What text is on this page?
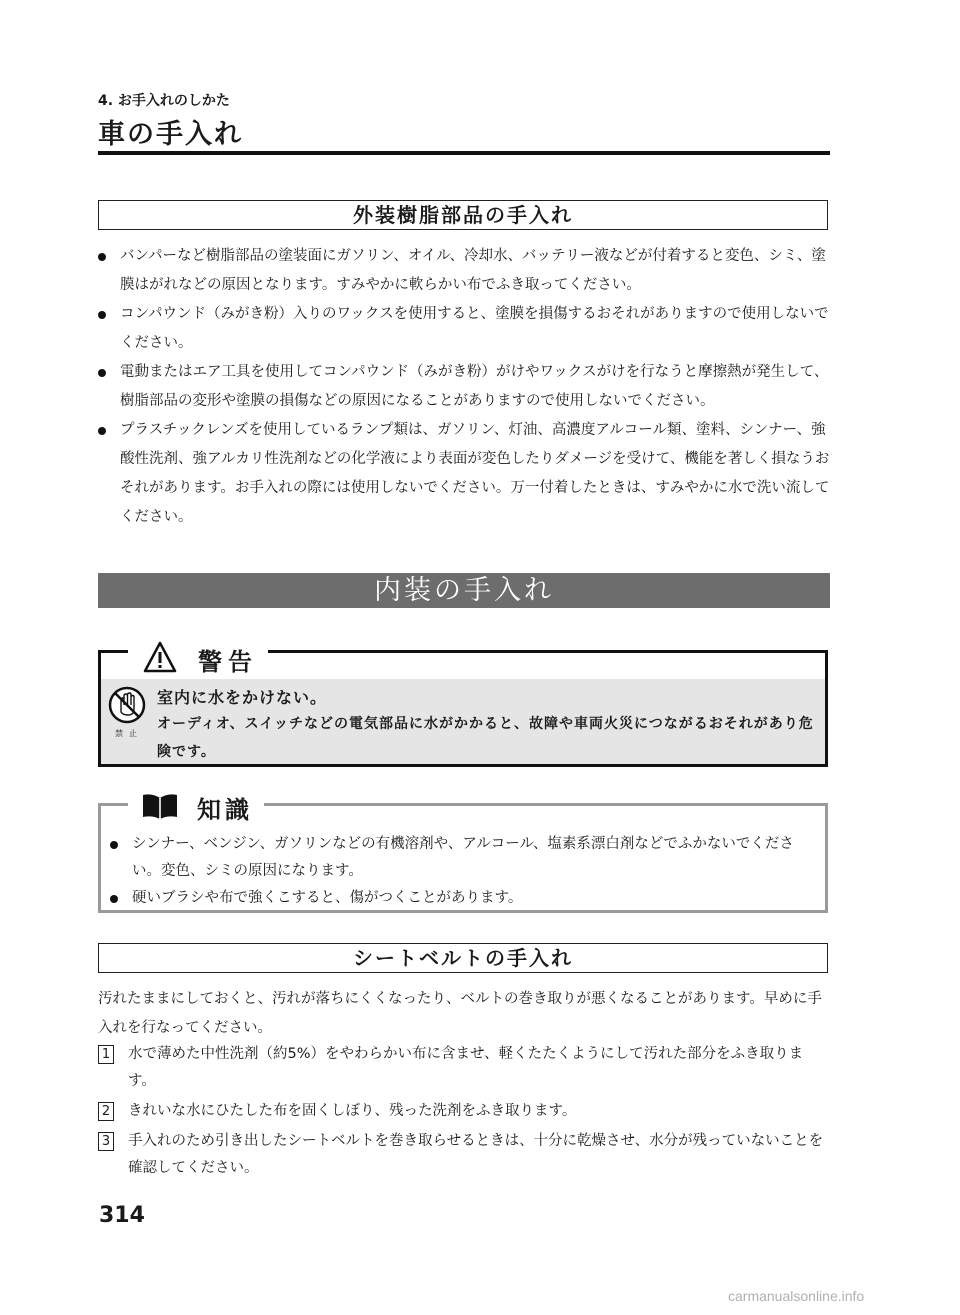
4. お手入れのしかた
車の手入れ
外装樹脂部品の手入れ
バンパーなど樹脂部品の塗装面にガソリン、オイル、冷却水、バッテリー液などが付着すると変色、シミ、塗膜はがれなどの原因となります。すみやかに軟らかい布でふき取ってください。
コンパウンド（みがき粉）入りのワックスを使用すると、塗膜を損傷するおそれがありますので使用しないでください。
電動またはエア工具を使用してコンパウンド（みがき粉）がけやワックスがけを行なうと摩擦熱が発生して、樹脂部品の変形や塗膜の損傷などの原因になることがありますので使用しないでください。
プラスチックレンズを使用しているランプ類は、ガソリン、灯油、高濃度アルコール類、塗料、シンナー、強酸性洗剤、強アルカリ性洗剤などの化学液により表面が変色したりダメージを受けて、機能を著しく損なうおそれがあります。お手入れの際には使用しないでください。万一付着したときは、すみやかに水で洗い流してください。
内装の手入れ
警告
禁止
室内に水をかけない。
オーディオ、スイッチなどの電気部品に水がかかると、故障や車両火災につながるおそれがあり危険です。
知識
シンナー、ベンジン、ガソリンなどの有機溶剤や、アルコール、塩素系漂白剤などでふかないでください。変色、シミの原因になります。
硬いブラシや布で強くこすると、傷がつくことがあります。
シートベルトの手入れ
汚れたままにしておくと、汚れが落ちにくくなったり、ベルトの巻き取りが悪くなることがあります。早めに手入れを行なってください。
1 水で薄めた中性洗剤（約5%）をやわらかい布に含ませ、軽くたたくようにして汚れた部分をふき取ります。
2 きれいな水にひたした布を固くしぼり、残った洗剤をふき取ります。
3 手入れのため引き出したシートベルトを巻き取らせるときは、十分に乾燥させ、水分が残っていないことを確認してください。
314
carmanualsonline.info
